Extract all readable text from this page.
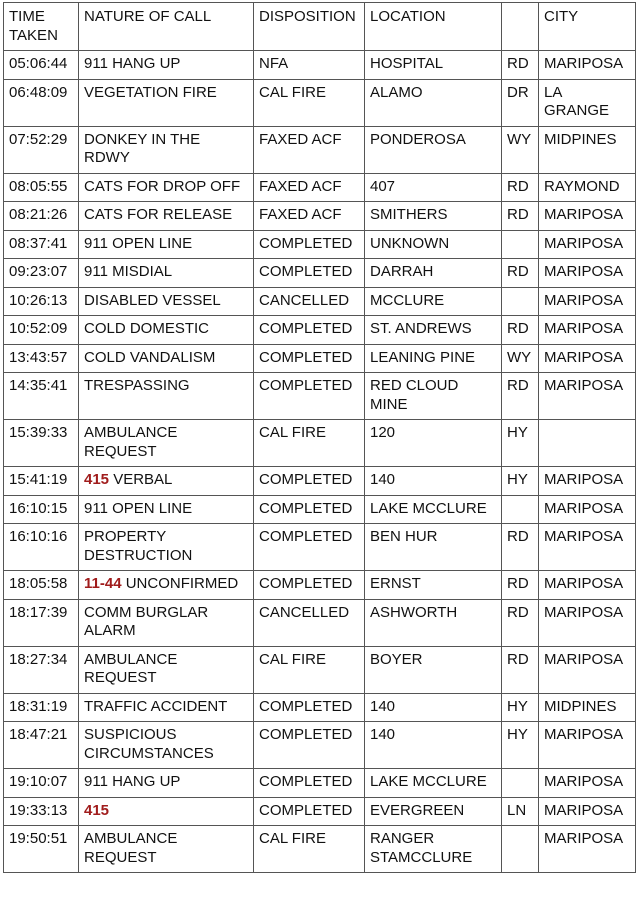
TIME TAKEN	NATURE OF CALL	DISPOSITION	LOCATION		CITY
05:06:44	911 HANG UP	NFA	HOSPITAL	RD	MARIPOSA
06:48:09	VEGETATION FIRE	CAL FIRE	ALAMO	DR	LA GRANGE
07:52:29	DONKEY IN THE RDWY	FAXED ACF	PONDEROSA	WY	MIDPINES
08:05:55	CATS FOR DROP OFF	FAXED ACF	407	RD	RAYMOND
08:21:26	CATS FOR RELEASE	FAXED ACF	SMITHERS	RD	MARIPOSA
08:37:41	911 OPEN LINE	COMPLETED	UNKNOWN		MARIPOSA
09:23:07	911 MISDIAL	COMPLETED	DARRAH	RD	MARIPOSA
10:26:13	DISABLED VESSEL	CANCELLED	MCCLURE		MARIPOSA
10:52:09	COLD DOMESTIC	COMPLETED	ST. ANDREWS	RD	MARIPOSA
13:43:57	COLD VANDALISM	COMPLETED	LEANING PINE	WY	MARIPOSA
14:35:41	TRESPASSING	COMPLETED	RED CLOUD MINE	RD	MARIPOSA
15:39:33	AMBULANCE REQUEST	CAL FIRE	120	HY	
15:41:19	415 VERBAL	COMPLETED	140	HY	MARIPOSA
16:10:15	911 OPEN LINE	COMPLETED	LAKE MCCLURE		MARIPOSA
16:10:16	PROPERTY DESTRUCTION	COMPLETED	BEN HUR	RD	MARIPOSA
18:05:58	11-44 UNCONFIRMED	COMPLETED	ERNST	RD	MARIPOSA
18:17:39	COMM BURGLAR ALARM	CANCELLED	ASHWORTH	RD	MARIPOSA
18:27:34	AMBULANCE REQUEST	CAL FIRE	BOYER	RD	MARIPOSA
18:31:19	TRAFFIC ACCIDENT	COMPLETED	140	HY	MIDPINES
18:47:21	SUSPICIOUS CIRCUMSTANCES	COMPLETED	140	HY	MARIPOSA
19:10:07	911 HANG UP	COMPLETED	LAKE MCCLURE		MARIPOSA
19:33:13	415	COMPLETED	EVERGREEN	LN	MARIPOSA
19:50:51	AMBULANCE REQUEST	CAL FIRE	RANGER STAMCCLURE		MARIPOSA
